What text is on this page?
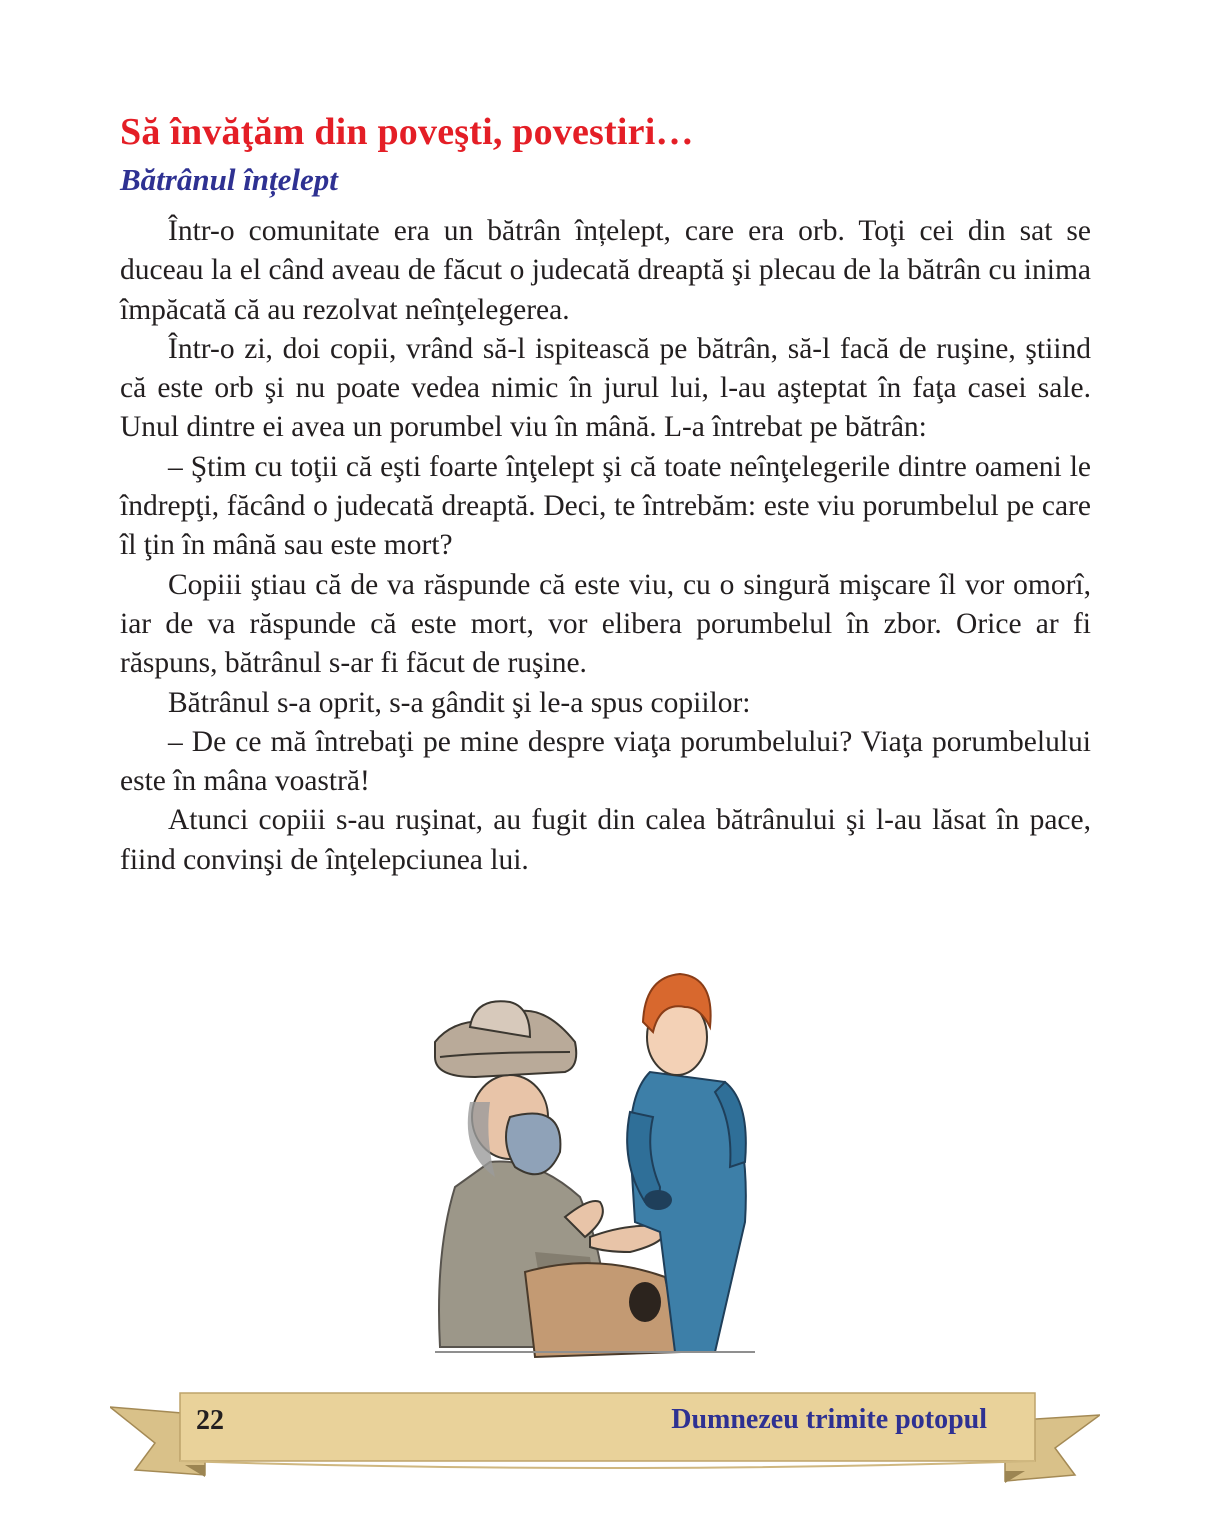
Să învăţăm din poveşti, povestiri…
Bătrânul înțelept

Într-o comunitate era un bătrân înțelept, care era orb. Toţi cei din sat se duceau la el când aveau de făcut o judecată dreaptă şi plecau de la bătrân cu inima împăcată că au rezolvat neînţelegerea.

Într-o zi, doi copii, vrând să-l ispitească pe bătrân, să-l facă de ruşine, ştiind că este orb şi nu poate vedea nimic în jurul lui, l-au aşteptat în faţa casei sale. Unul dintre ei avea un porumbel viu în mână. L-a întrebat pe bătrân:

– Ştim cu toţii că eşti foarte înţelept şi că toate neînţelegerile dintre oameni le îndrepţi, făcând o judecată dreaptă. Deci, te întrebăm: este viu porumbelul pe care îl ţin în mână sau este mort?

Copiii ştiau că de va răspunde că este viu, cu o singură mişcare îl vor omorî, iar de va răspunde că este mort, vor elibera porumbelul în zbor. Orice ar fi răspuns, bătrânul s-ar fi făcut de ruşine.

Bătrânul s-a oprit, s-a gândit şi le-a spus copiilor:

– De ce mă întrebaţi pe mine despre viaţa porumbelului? Viaţa porumbelului este în mâna voastră!

Atunci copiii s-au ruşinat, au fugit din calea bătrânului şi l-au lăsat în pace, fiind convinşi de înţelepciunea lui.

22	Dumnezeu trimite potopul
